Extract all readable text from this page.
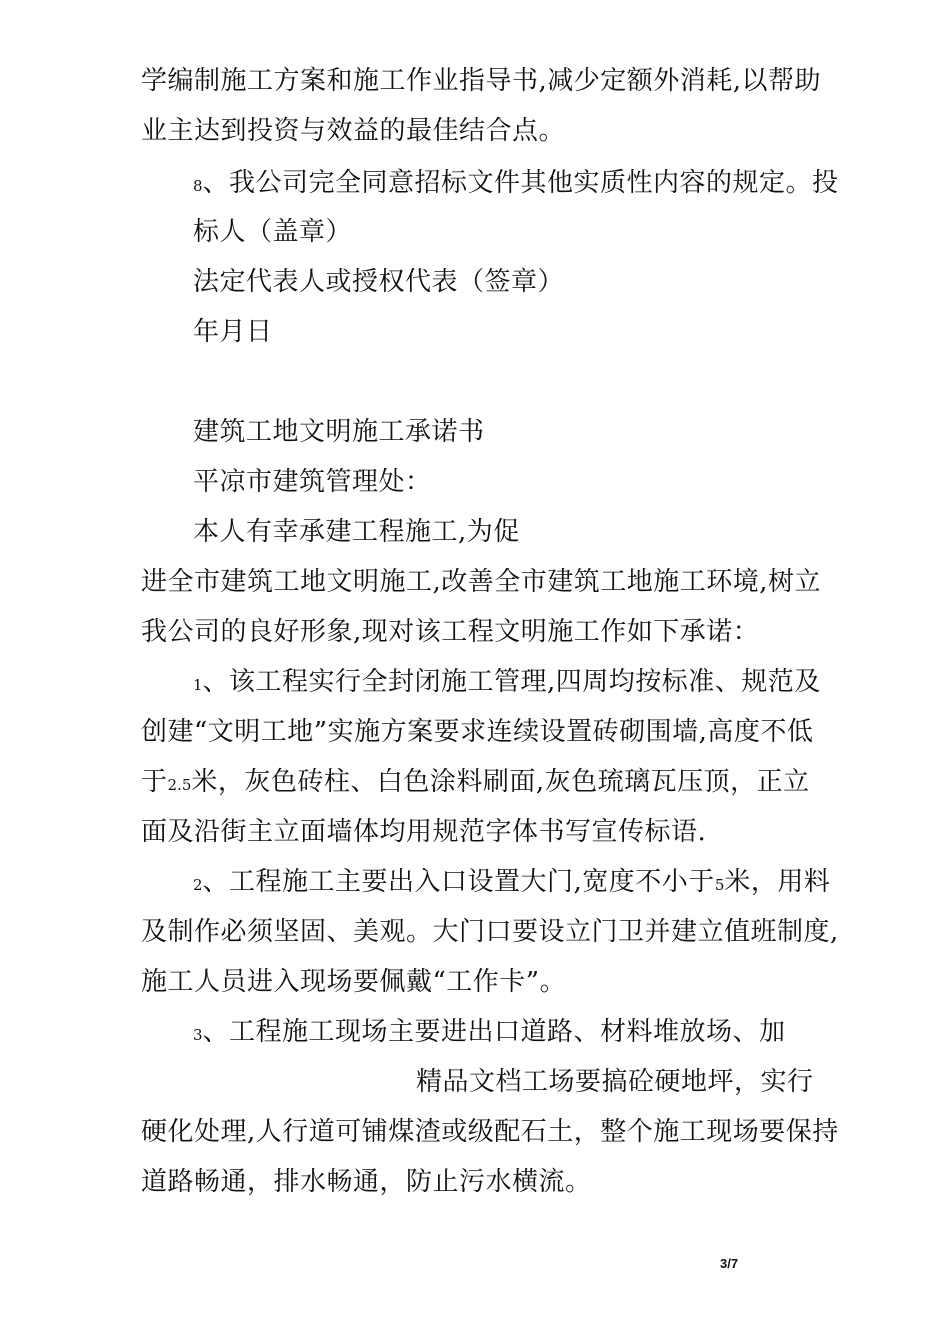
学编制施工方案和施工作业指导书,减少定额外消耗,以帮助

业主达到投资与效益的最佳结合点。

8、我公司完全同意招标文件其他实质性内容的规定。投

标人（盖章）

法定代表人或授权代表（签章）

年月日

建筑工地文明施工承诺书

平凉市建筑管理处：

本人有幸承建工程施工,为促

进全市建筑工地文明施工,改善全市建筑工地施工环境,树立

我公司的良好形象,现对该工程文明施工作如下承诺：

1、该工程实行全封闭施工管理,四周均按标准、规范及

创建“文明工地”实施方案要求连续设置砖砌围墙,高度不低

于2.5米，灰色砖柱、白色涂料刷面,灰色琉璃瓦压顶，正立

面及沿街主立面墙体均用规范字体书写宣传标语.

2、工程施工主要出入口设置大门,宽度不小于5米，用料

及制作必须坚固、美观。大门口要设立门卫并建立值班制度,

施工人员进入现场要佩戴“工作卡”。

3、工程施工现场主要进出口道路、材料堆放场、加

精品文档工场要搞砼硬地坪，实行

硬化处理,人行道可铺煤渣或级配石土，整个施工现场要保持

道路畅通，排水畅通，防止污水横流。

3/7
